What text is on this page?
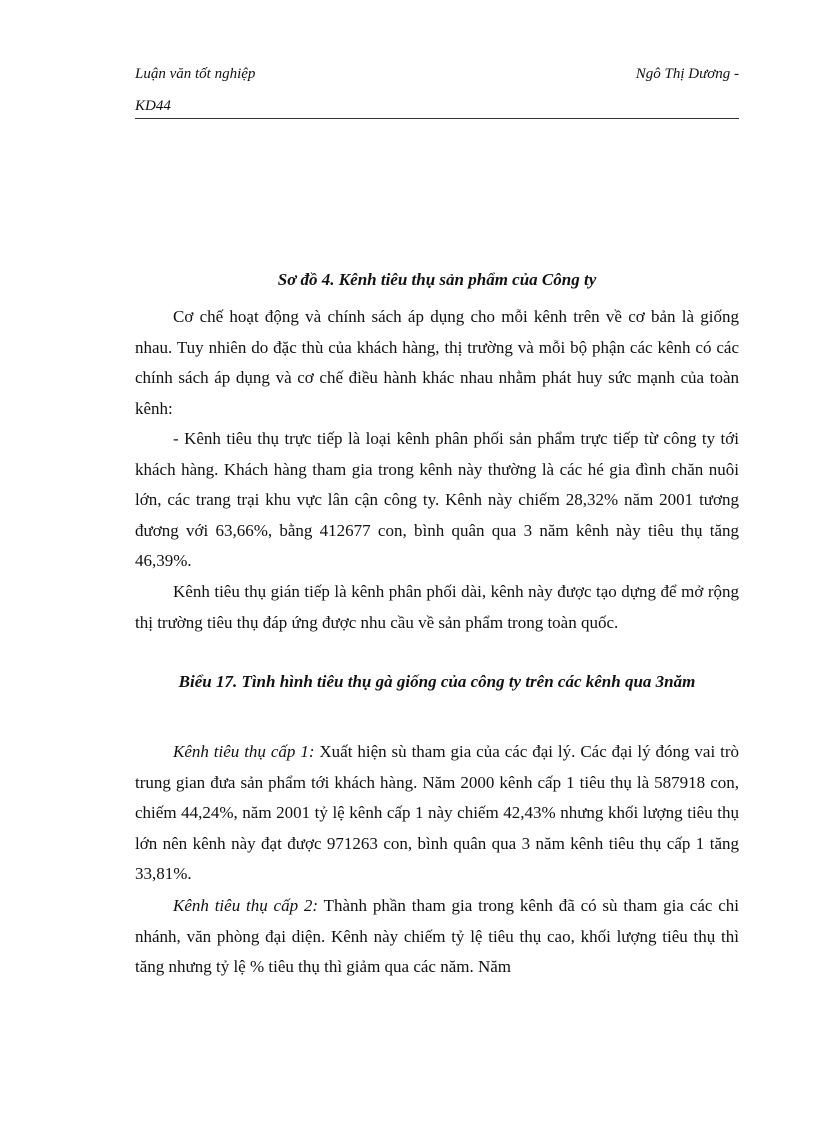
Luận văn tốt nghiệp	Ngô Thị Dương -
KD44
Sơ đồ 4. Kênh tiêu thụ sản phẩm của Công ty

Cơ chế hoạt động và chính sách áp dụng cho mỗi kênh trên về cơ bản là giống nhau. Tuy nhiên do đặc thù của khách hàng, thị trường và mỗi bộ phận các kênh có các chính sách áp dụng và cơ chế điều hành khác nhau nhằm phát huy sức mạnh của toàn kênh:

- Kênh tiêu thụ trực tiếp là loại kênh phân phối sản phẩm trực tiếp từ công ty tới khách hàng. Khách hàng tham gia trong kênh này thường là các hé gia đình chăn nuôi lớn, các trang trại khu vực lân cận công ty. Kênh này chiếm 28,32% năm 2001 tương đương với 63,66%, bằng 412677 con, bình quân qua 3 năm kênh này tiêu thụ tăng 46,39%.

Kênh tiêu thụ gián tiếp là kênh phân phối dài, kênh này được tạo dựng để mở rộng thị trường tiêu thụ đáp ứng được nhu cầu về sản phẩm trong toàn quốc.

Biểu 17. Tình hình tiêu thụ gà giống của công ty trên các kênh qua 3năm

Kênh tiêu thụ cấp 1: Xuất hiện sù tham gia của các đại lý. Các đại lý đóng vai trò trung gian đưa sản phẩm tới khách hàng. Năm 2000 kênh cấp 1 tiêu thụ là 587918 con, chiếm 44,24%, năm 2001 tỷ lệ kênh cấp 1 này chiếm 42,43% nhưng khối lượng tiêu thụ lớn nên kênh này đạt được 971263 con, bình quân qua 3 năm kênh tiêu thụ cấp 1 tăng 33,81%.

Kênh tiêu thụ cấp 2: Thành phần tham gia trong kênh đã có sù tham gia các chi nhánh, văn phòng đại diện. Kênh này chiếm tỷ lệ tiêu thụ cao, khối lượng tiêu thụ thì tăng nhưng tỷ lệ % tiêu thụ thì giảm qua các năm. Năm
